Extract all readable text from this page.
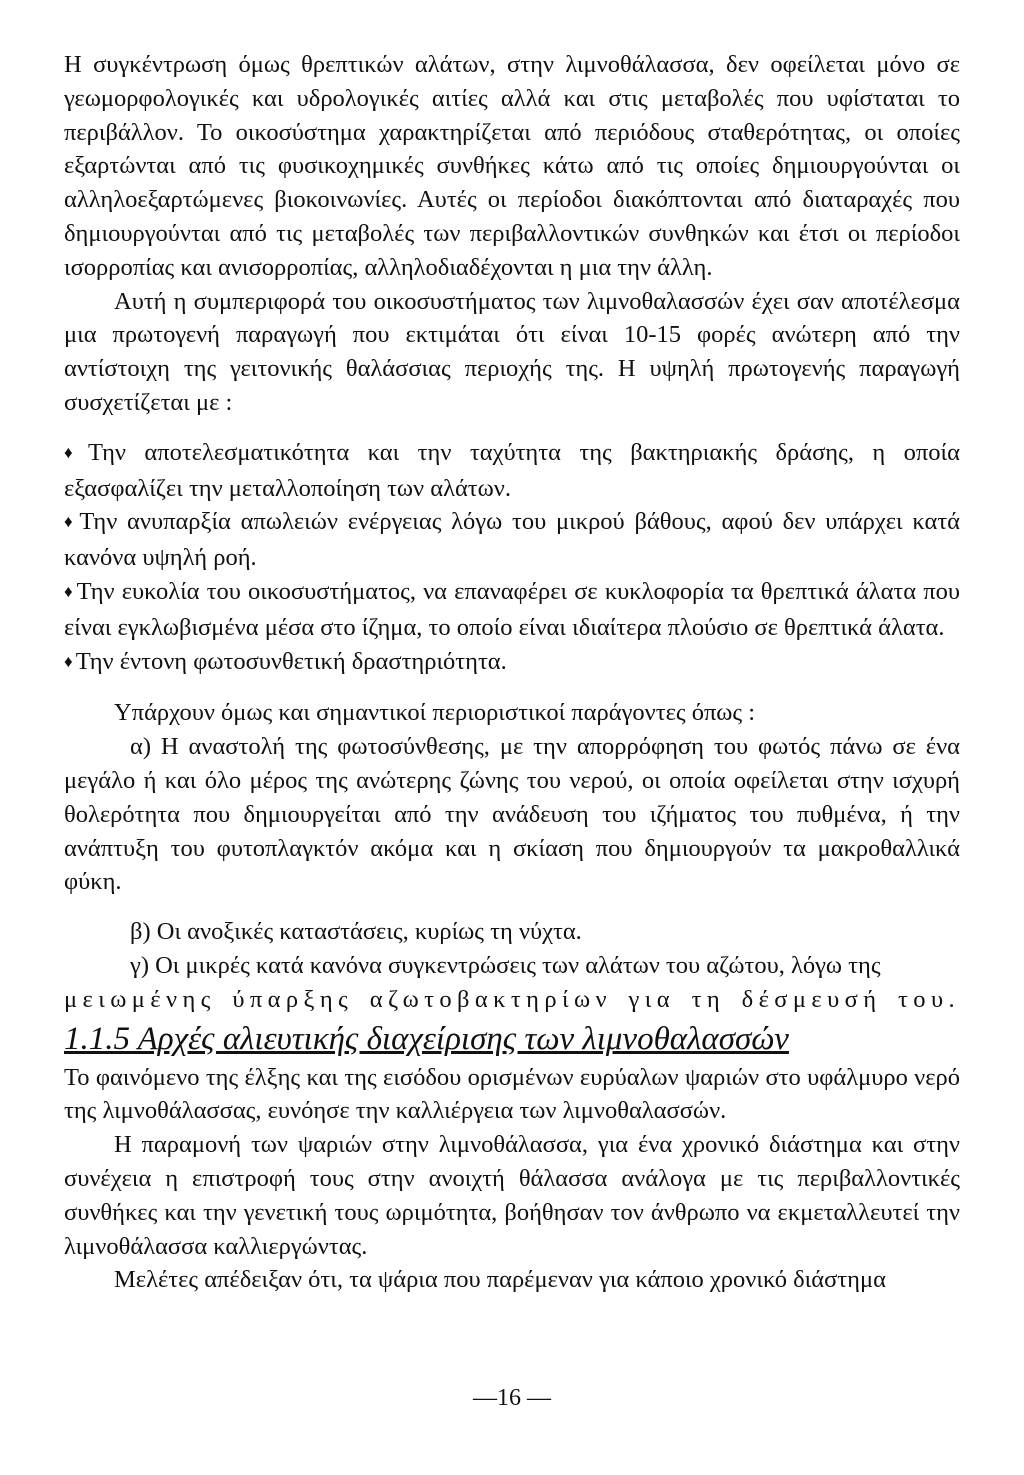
Η συγκέντρωση όμως θρεπτικών αλάτων, στην λιμνοθάλασσα, δεν οφείλεται μόνο σε γεωμορφολογικές και υδρολογικές αιτίες αλλά και στις μεταβολές που υφίσταται το περιβάλλον. Το οικοσύστημα χαρακτηρίζεται από περιόδους σταθερότητας, οι οποίες εξαρτώνται από τις φυσικοχημικές συνθήκες κάτω από τις οποίες δημιουργούνται οι αλληλοεξαρτώμενες βιοκοινωνίες. Αυτές οι περίοδοι διακόπτονται από διαταραχές που δημιουργούνται από τις μεταβολές των περιβαλλοντικών συνθηκών και έτσι οι περίοδοι ισορροπίας και ανισορροπίας, αλληλοδιαδέχονται η μια την άλλη.

Αυτή η συμπεριφορά του οικοσυστήματος των λιμνοθαλασσών έχει σαν αποτέλεσμα μια πρωτογενή παραγωγή που εκτιμάται ότι είναι 10-15 φορές ανώτερη από την αντίστοιχη της γειτονικής θαλάσσιας περιοχής της. Η υψηλή πρωτογενής παραγωγή συσχετίζεται με :

♦ Την αποτελεσματικότητα και την ταχύτητα της βακτηριακής δράσης, η οποία εξασφαλίζει την μεταλλοποίηση των αλάτων.

♦ Την ανυπαρξία απωλειών ενέργειας λόγω του μικρού βάθους, αφού δεν υπάρχει κατά κανόνα υψηλή ροή.

♦ Την ευκολία του οικοσυστήματος, να επαναφέρει σε κυκλοφορία τα θρεπτικά άλατα που είναι εγκλωβισμένα μέσα στο ίζημα, το οποίο είναι ιδιαίτερα πλούσιο σε θρεπτικά άλατα.

♦ Την έντονη φωτοσυνθετική δραστηριότητα.

Υπάρχουν όμως και σημαντικοί περιοριστικοί παράγοντες όπως :

α) Η αναστολή της φωτοσύνθεσης, με την απορρόφηση του φωτός πάνω σε ένα μεγάλο ή και όλο μέρος της ανώτερης ζώνης του νερού, οι οποία οφείλεται στην ισχυρή θολερότητα που δημιουργείται από την ανάδευση του ιζήματος του πυθμένα, ή την ανάπτυξη του φυτοπλαγκτόν ακόμα και η σκίαση που δημιουργούν τα μακροθαλλικά φύκη.

β) Οι ανοξικές καταστάσεις, κυρίως τη νύχτα.

γ) Οι μικρές κατά κανόνα συγκεντρώσεις των αλάτων του αζώτου, λόγω της

μειωμένης ύπαρξης αζωτοβακτηρίων για τη δέσμευσή του.

1.1.5 Αρχές αλιευτικής διαχείρισης των λιμνοθαλασσών

Το φαινόμενο της έλξης και της εισόδου ορισμένων ευρύαλων ψαριών στο υφάλμυρο νερό της λιμνοθάλασσας, ευνόησε την καλλιέργεια των λιμνοθαλασσών.

Η παραμονή των ψαριών στην λιμνοθάλασσα, για ένα χρονικό διάστημα και στην συνέχεια η επιστροφή τους στην ανοιχτή θάλασσα ανάλογα με τις περιβαλλοντικές συνθήκες και την γενετική τους ωριμότητα, βοήθησαν τον άνθρωπο να εκμεταλλευτεί την λιμνοθάλασσα καλλιεργώντας.

Μελέτες απέδειξαν ότι, τα ψάρια που παρέμεναν για κάποιο χρονικό διάστημα

—16 —
